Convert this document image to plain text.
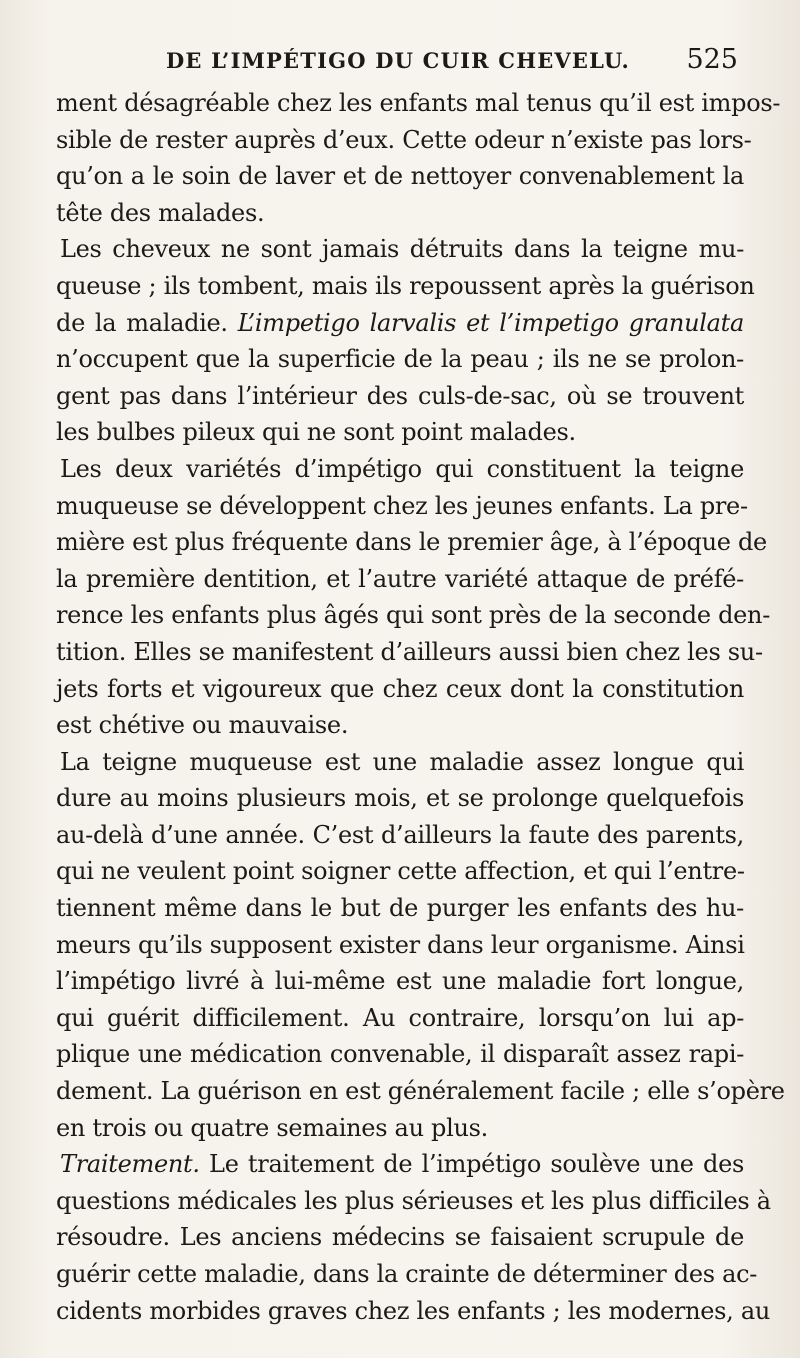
DE L’IMPÉTIGO DU CUIR CHEVELU. 525
ment désagréable chez les enfants mal tenus qu’il est impos-
sible de rester auprès d’eux. Cette odeur n’existe pas lors-
qu’on a le soin de laver et de nettoyer convenablement la
tête des malades.
Les cheveux ne sont jamais détruits dans la teigne mu-
queuse ; ils tombent, mais ils repoussent après la guérison
de la maladie. L’impetigo larvalis et l’impetigo granulata
n’occupent que la superficie de la peau ; ils ne se prolon-
gent pas dans l’intérieur des culs-de-sac, où se trouvent
les bulbes pileux qui ne sont point malades.
Les deux variétés d’impétigo qui constituent la teigne
muqueuse se développent chez les jeunes enfants. La pre-
mière est plus fréquente dans le premier âge, à l’époque de
la première dentition, et l’autre variété attaque de préfé-
rence les enfants plus âgés qui sont près de la seconde den-
tition. Elles se manifestent d’ailleurs aussi bien chez les su-
jets forts et vigoureux que chez ceux dont la constitution
est chétive ou mauvaise.
La teigne muqueuse est une maladie assez longue qui
dure au moins plusieurs mois, et se prolonge quelquefois
au-delà d’une année. C’est d’ailleurs la faute des parents,
qui ne veulent point soigner cette affection, et qui l’entre-
tiennent même dans le but de purger les enfants des hu-
meurs qu’ils supposent exister dans leur organisme. Ainsi
l’impétigo livré à lui-même est une maladie fort longue,
qui guérit difficilement. Au contraire, lorsqu’on lui ap-
plique une médication convenable, il disparaît assez rapi-
dement. La guérison en est généralement facile ; elle s’opère
en trois ou quatre semaines au plus.
Traitement. Le traitement de l’impétigo soulève une des
questions médicales les plus sérieuses et les plus difficiles à
résoudre. Les anciens médecins se faisaient scrupule de
guérir cette maladie, dans la crainte de déterminer des ac-
cidents morbides graves chez les enfants ; les modernes, au
